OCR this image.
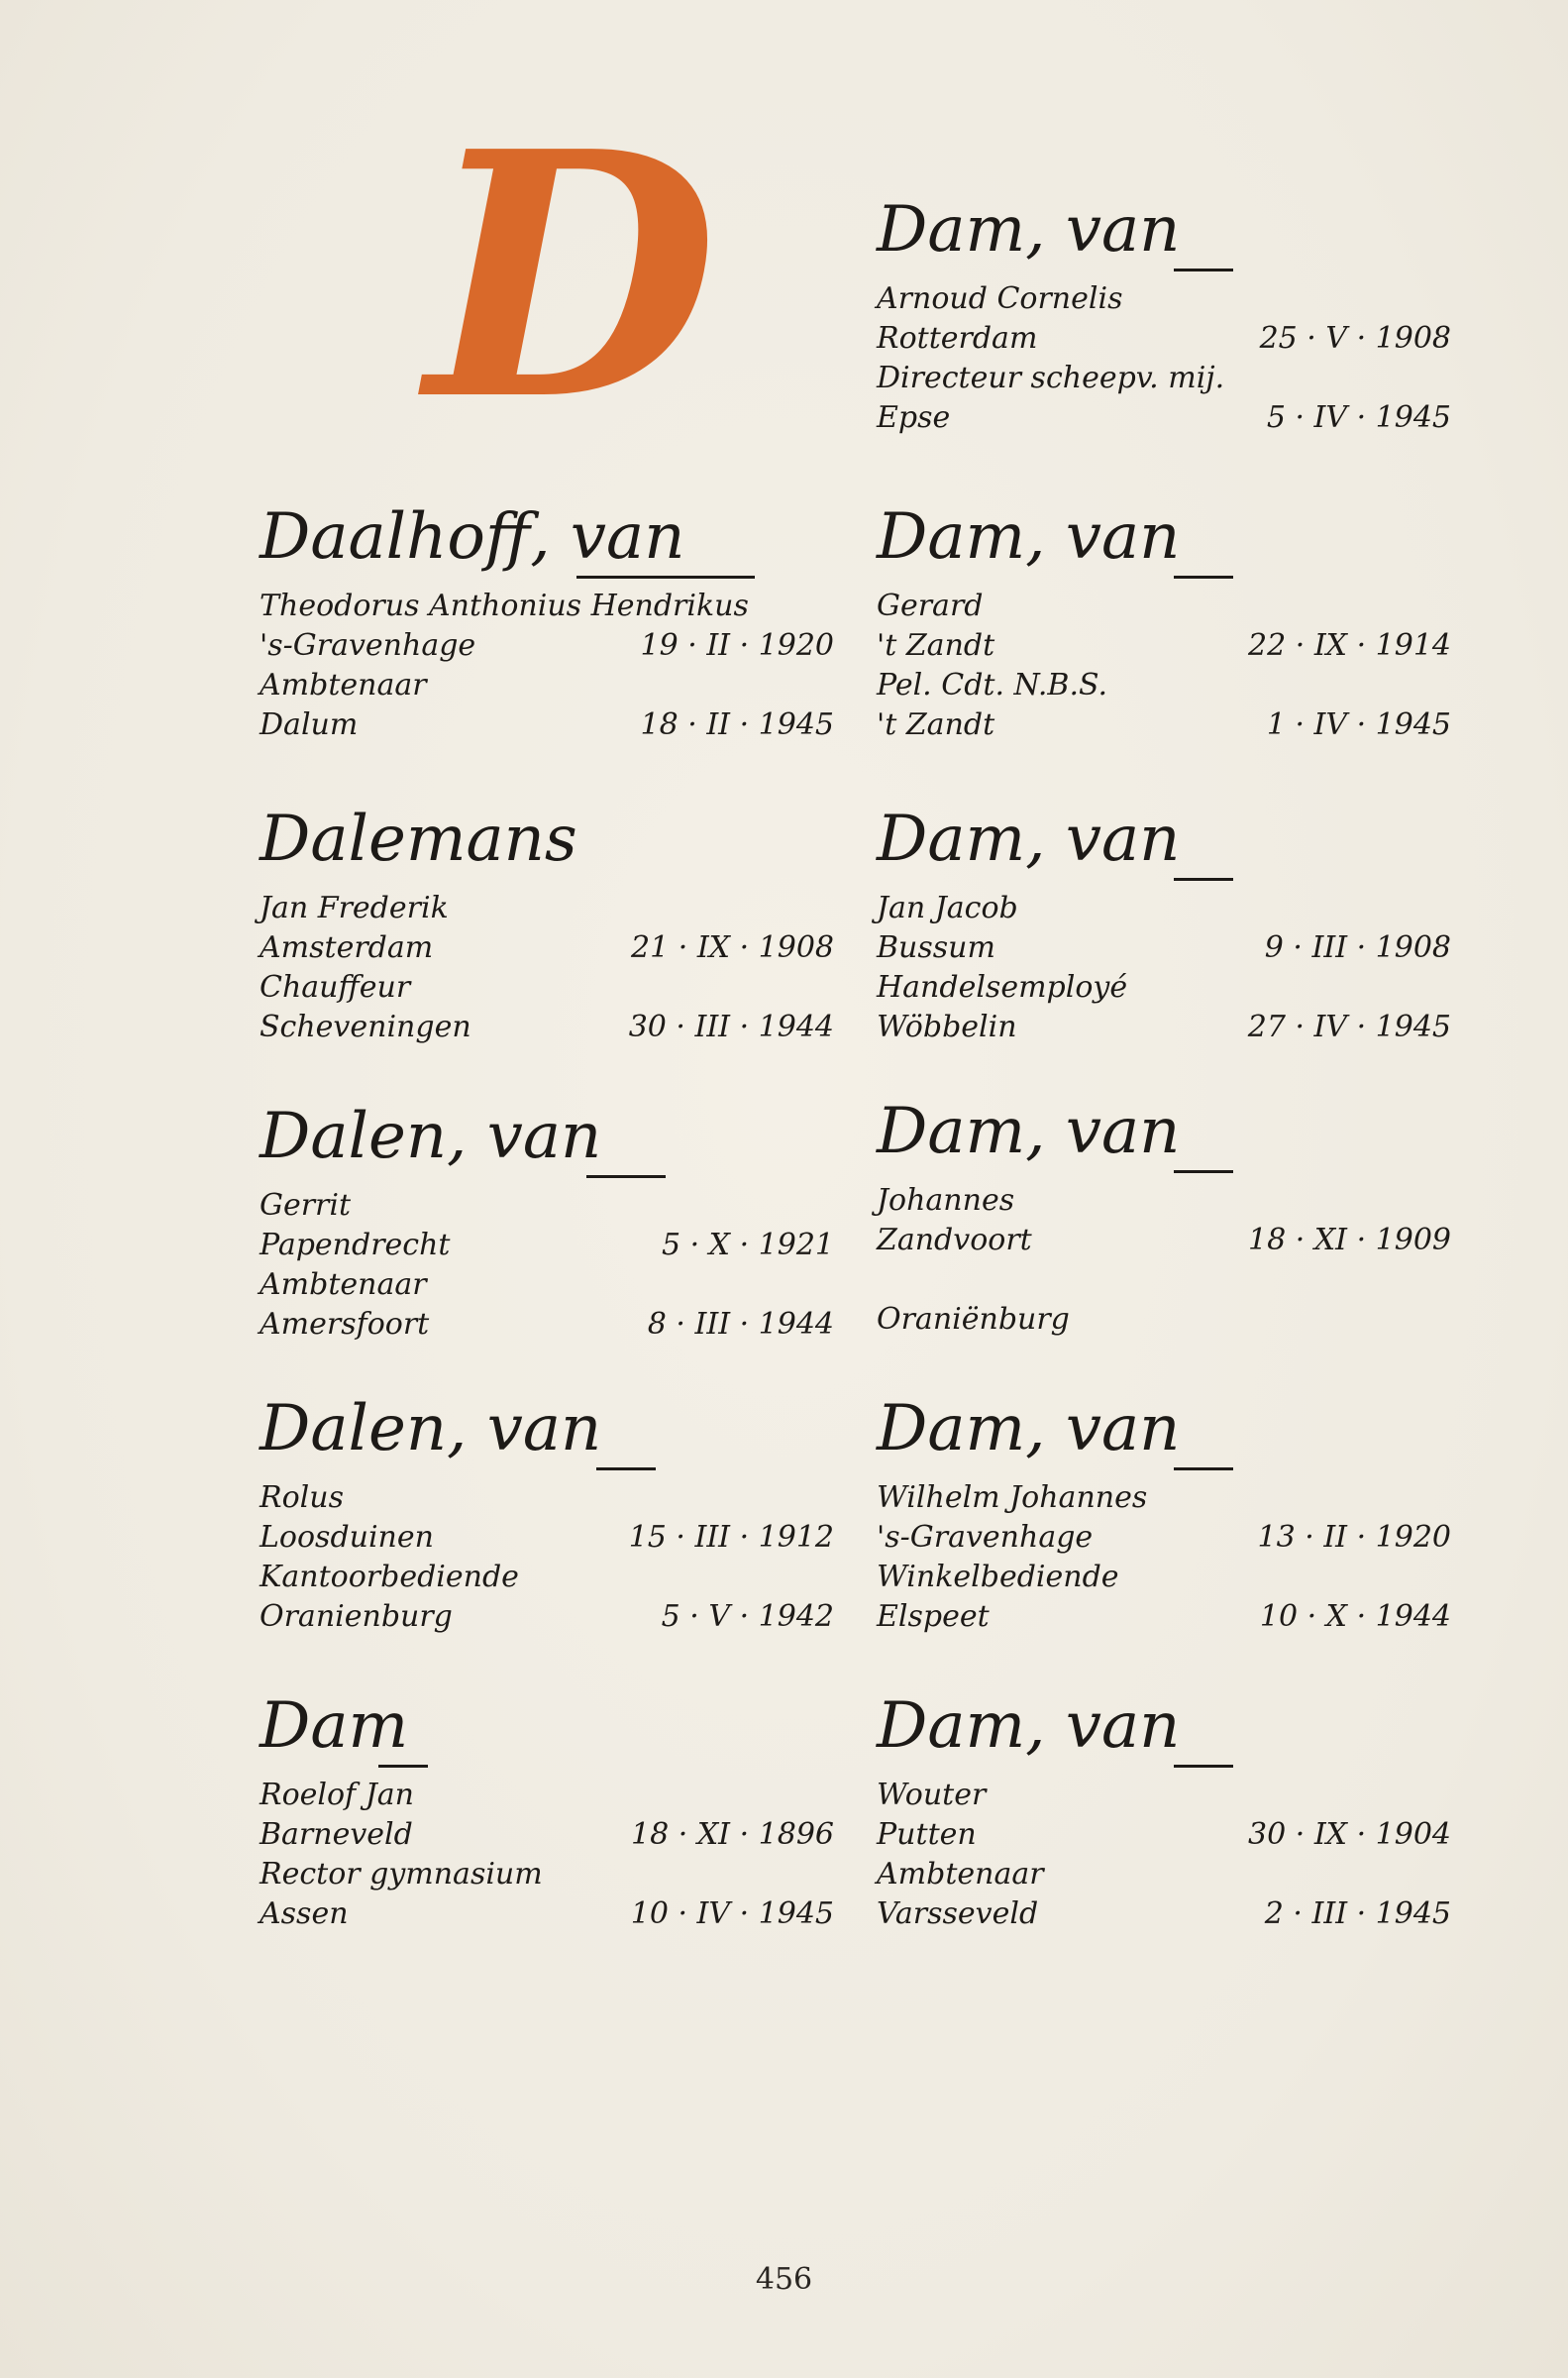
D
Daalhoff, van
Theodorus Anthonius Hendrikus
's-Gravenhage	19 · II · 1920
Ambtenaar
Dalum	18 · II · 1945
Dalemans
Jan Frederik
Amsterdam	21 · IX · 1908
Chauffeur
Scheveningen	30 · III · 1944
Dalen, van
Gerrit
Papendrecht	5 · X · 1921
Ambtenaar
Amersfoort	8 · III · 1944
Dalen, van
Rolus
Loosduinen	15 · III · 1912
Kantoorbediende
Oranienburg	5 · V · 1942
Dam
Roelof Jan
Barneveld	18 · XI · 1896
Rector gymnasium
Assen	10 · IV · 1945
Dam, van
Arnoud Cornelis
Rotterdam	25 · V · 1908
Directeur scheepv. mij.
Epse	5 · IV · 1945
Dam, van
Gerard
't Zandt	22 · IX · 1914
Pel. Cdt. N.B.S.
't Zandt	1 · IV · 1945
Dam, van
Jan Jacob
Bussum	9 · III · 1908
Handelsemployé
Wöbbelin	27 · IV · 1945
Dam, van
Johannes
Zandvoort	18 · XI · 1909
Oraniënburg
Dam, van
Wilhelm Johannes
's-Gravenhage	13 · II · 1920
Winkelbediende
Elspeet	10 · X · 1944
Dam, van
Wouter
Putten	30 · IX · 1904
Ambtenaar
Varsseveld	2 · III · 1945
456
